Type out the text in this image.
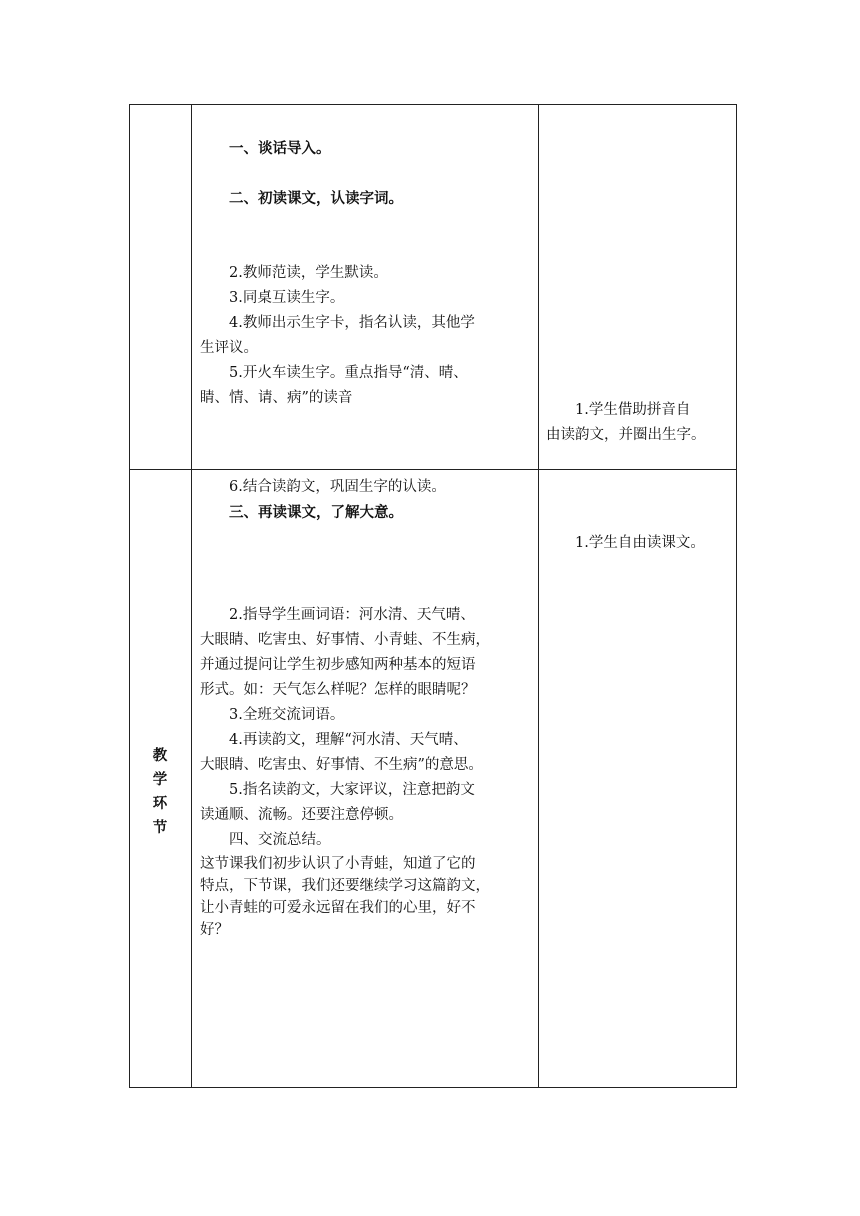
一、谈话导入。

二、初读课文，认读字词。

2.教师范读，学生默读。

3.同桌互读生字。

4.教师出示生字卡，指名认读，其他学

生评议。

5.开火车读生字。重点指导“清、晴、

睛、情、请、病”的读音

1.学生借助拼音自

由读韵文，并圈出生字。

教
学
环
节

6.结合读韵文，巩固生字的认读。

三、再读课文，了解大意。

2.指导学生画词语：河水清、天气晴、

大眼睛、吃害虫、好事情、小青蛙、不生病，

并通过提问让学生初步感知两种基本的短语

形式。如：天气怎么样呢？怎样的眼睛呢？

3.全班交流词语。

4.再读韵文，理解“河水清、天气晴、

大眼睛、吃害虫、好事情、不生病”的意思。

5.指名读韵文，大家评议，注意把韵文

读通顺、流畅。还要注意停顿。

四、交流总结。

这节课我们初步认识了小青蛙，知道了它的

特点，下节课，我们还要继续学习这篇韵文，

让小青蛙的可爱永远留在我们的心里，好不

好？

1.学生自由读课文。
